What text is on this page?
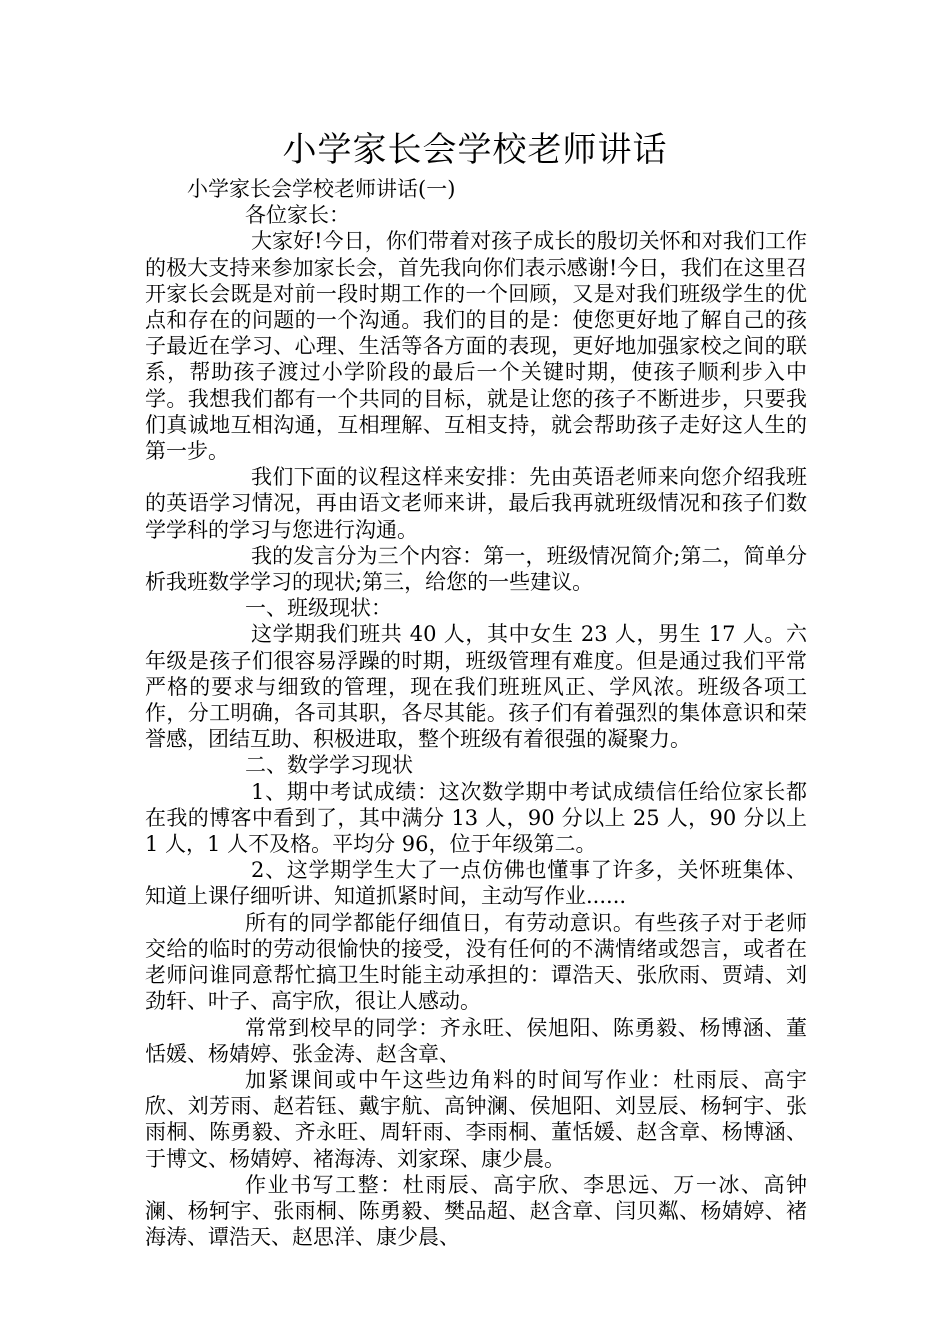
小学家长会学校老师讲话

小学家长会学校老师讲话(一)

各位家长：

大家好!今日，你们带着对孩子成长的殷切关怀和对我们工作的极大支持来参加家长会，首先我向你们表示感谢!今日，我们在这里召开家长会既是对前一段时期工作的一个回顾，又是对我们班级学生的优点和存在的问题的一个沟通。我们的目的是：使您更好地了解自己的孩子最近在学习、心理、生活等各方面的表现，更好地加强家校之间的联系，帮助孩子渡过小学阶段的最后一个关键时期，使孩子顺利步入中学。我想我们都有一个共同的目标，就是让您的孩子不断进步，只要我们真诚地互相沟通，互相理解、互相支持，就会帮助孩子走好这人生的第一步。

我们下面的议程这样来安排：先由英语老师来向您介绍我班的英语学习情况，再由语文老师来讲，最后我再就班级情况和孩子们数学学科的学习与您进行沟通。

我的发言分为三个内容：第一，班级情况简介;第二，简单分析我班数学学习的现状;第三，给您的一些建议。

一、班级现状：

这学期我们班共 40 人，其中女生 23 人，男生 17 人。六年级是孩子们很容易浮躁的时期，班级管理有难度。但是通过我们平常严格的要求与细致的管理，现在我们班班风正、学风浓。班级各项工作，分工明确，各司其职，各尽其能。孩子们有着强烈的集体意识和荣誉感，团结互助、积极进取，整个班级有着很强的凝聚力。

二、数学学习现状

1、期中考试成绩：这次数学期中考试成绩信任给位家长都在我的博客中看到了，其中满分 13 人，90 分以上 25 人，90 分以上 1 人，1 人不及格。平均分 96，位于年级第二。

2、这学期学生大了一点仿佛也懂事了许多，关怀班集体、知道上课仔细听讲、知道抓紧时间，主动写作业......

所有的同学都能仔细值日，有劳动意识。有些孩子对于老师交给的临时的劳动很愉快的接受，没有任何的不满情绪或怨言，或者在老师问谁同意帮忙搞卫生时能主动承担的：谭浩天、张欣雨、贾靖、刘劲轩、叶子、高宇欣，很让人感动。

常常到校早的同学：齐永旺、侯旭阳、陈勇毅、杨博涵、董恬媛、杨婧婷、张金涛、赵含章、

加紧课间或中午这些边角料的时间写作业：杜雨辰、高宇欣、刘芳雨、赵若钰、戴宇航、高钟澜、侯旭阳、刘昱辰、杨轲宇、张雨桐、陈勇毅、齐永旺、周轩雨、李雨桐、董恬媛、赵含章、杨博涵、于博文、杨婧婷、褚海涛、刘家琛、康少晨。

作业书写工整：杜雨辰、高宇欣、李思远、万一冰、高钟澜、杨轲宇、张雨桐、陈勇毅、樊品超、赵含章、闫贝粼、杨婧婷、褚海涛、谭浩天、赵思洋、康少晨、
